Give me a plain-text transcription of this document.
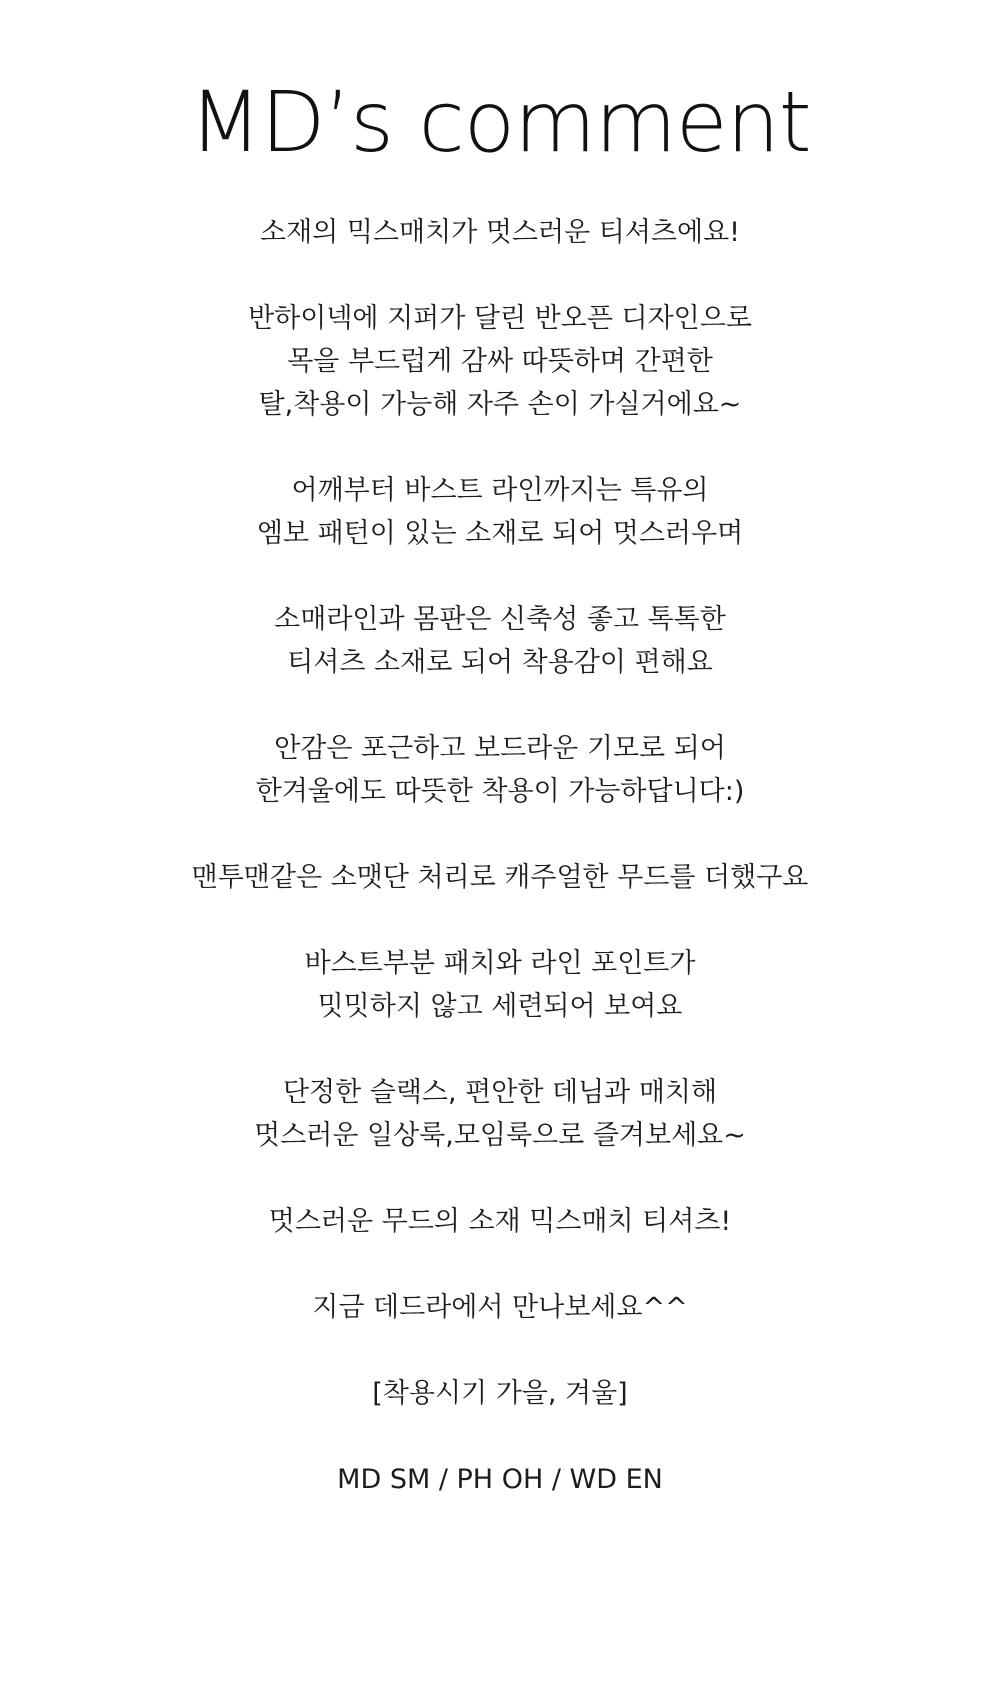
MD’s comment

소재의 믹스매치가 멋스러운 티셔츠에요!

반하이넥에 지퍼가 달린 반오픈 디자인으로
목을 부드럽게 감싸 따뜻하며 간편한
탈,착용이 가능해 자주 손이 가실거에요~

어깨부터 바스트 라인까지는 특유의
엠보 패턴이 있는 소재로 되어 멋스러우며

소매라인과 몸판은 신축성 좋고 톡톡한
티셔츠 소재로 되어 착용감이 편해요

안감은 포근하고 보드라운 기모로 되어
한겨울에도 따뜻한 착용이 가능하답니다:)

맨투맨같은 소맷단 처리로 캐주얼한 무드를 더했구요

바스트부분 패치와 라인 포인트가
밋밋하지 않고 세련되어 보여요

단정한 슬랙스, 편안한 데님과 매치해
멋스러운 일상룩,모임룩으로 즐겨보세요~

멋스러운 무드의 소재 믹스매치 티셔츠!

지금 데드라에서 만나보세요^^

[착용시기 가을, 겨울]

MD SM / PH OH / WD EN
